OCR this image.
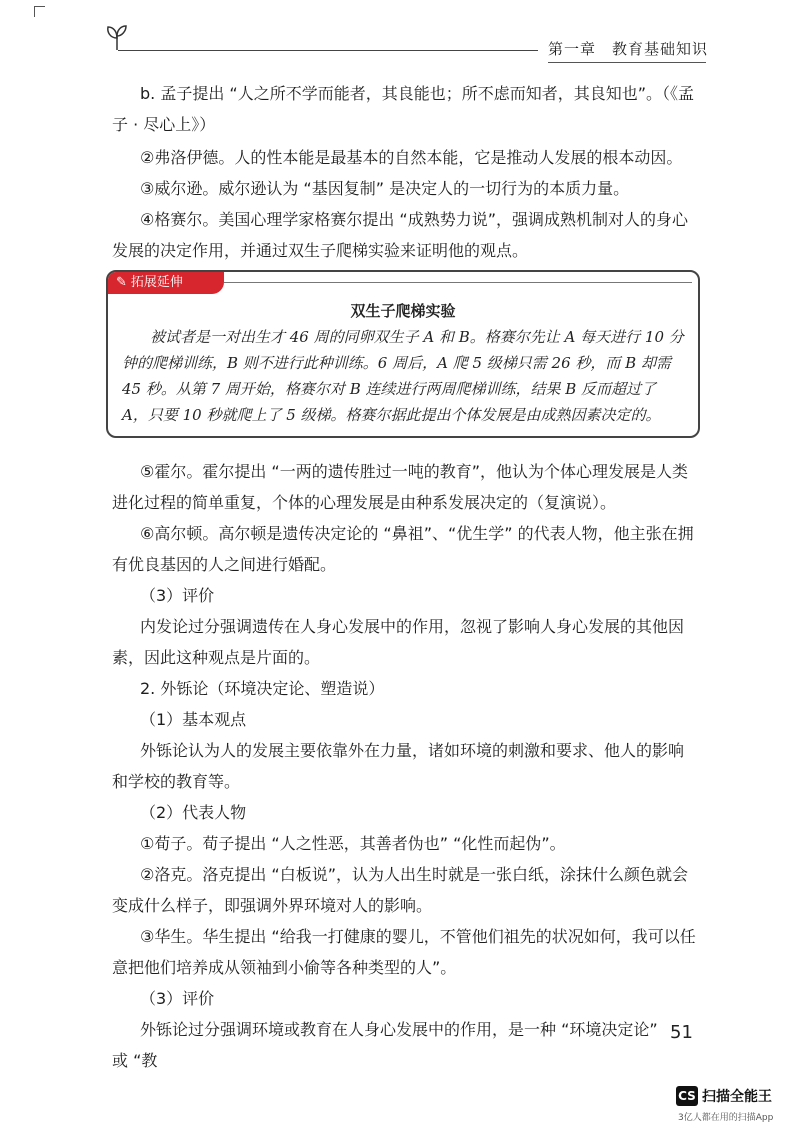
第一章　教育基础知识
b. 孟子提出 “人之所不学而能者，其良能也；所不虑而知者，其良知也”。（《孟子 · 尽心上》）
②弗洛伊德。人的性本能是最基本的自然本能，它是推动人发展的根本动因。
③威尔逊。威尔逊认为 “基因复制” 是决定人的一切行为的本质力量。
④格赛尔。美国心理学家格赛尔提出 “成熟势力说”，强调成熟机制对人的身心发展的决定作用，并通过双生子爬梯实验来证明他的观点。
✎ 拓展延伸
双生子爬梯实验
被试者是一对出生才 46 周的同卵双生子 A 和 B。格赛尔先让 A 每天进行 10 分钟的爬梯训练，B 则不进行此种训练。6 周后，A 爬 5 级梯只需 26 秒，而 B 却需 45 秒。从第 7 周开始，格赛尔对 B 连续进行两周爬梯训练，结果 B 反而超过了 A，只要 10 秒就爬上了 5 级梯。格赛尔据此提出个体发展是由成熟因素决定的。
⑤霍尔。霍尔提出 “一两的遗传胜过一吨的教育”，他认为个体心理发展是人类进化过程的简单重复，个体的心理发展是由种系发展决定的（复演说）。
⑥高尔顿。高尔顿是遗传决定论的 “鼻祖”、“优生学” 的代表人物，他主张在拥有优良基因的人之间进行婚配。
（3）评价
内发论过分强调遗传在人身心发展中的作用，忽视了影响人身心发展的其他因素，因此这种观点是片面的。
2. 外铄论（环境决定论、塑造说）
（1）基本观点
外铄论认为人的发展主要依靠外在力量，诸如环境的刺激和要求、他人的影响和学校的教育等。
（2）代表人物
①荀子。荀子提出 “人之性恶，其善者伪也” “化性而起伪”。
②洛克。洛克提出 “白板说”，认为人出生时就是一张白纸，涂抹什么颜色就会变成什么样子，即强调外界环境对人的影响。
③华生。华生提出 “给我一打健康的婴儿，不管他们祖先的状况如何，我可以任意把他们培养成从领袖到小偷等各种类型的人”。
（3）评价
外铄论过分强调环境或教育在人身心发展中的作用，是一种 “环境决定论” 或 “教
51
CS 扫描全能王
3亿人都在用的扫描App
